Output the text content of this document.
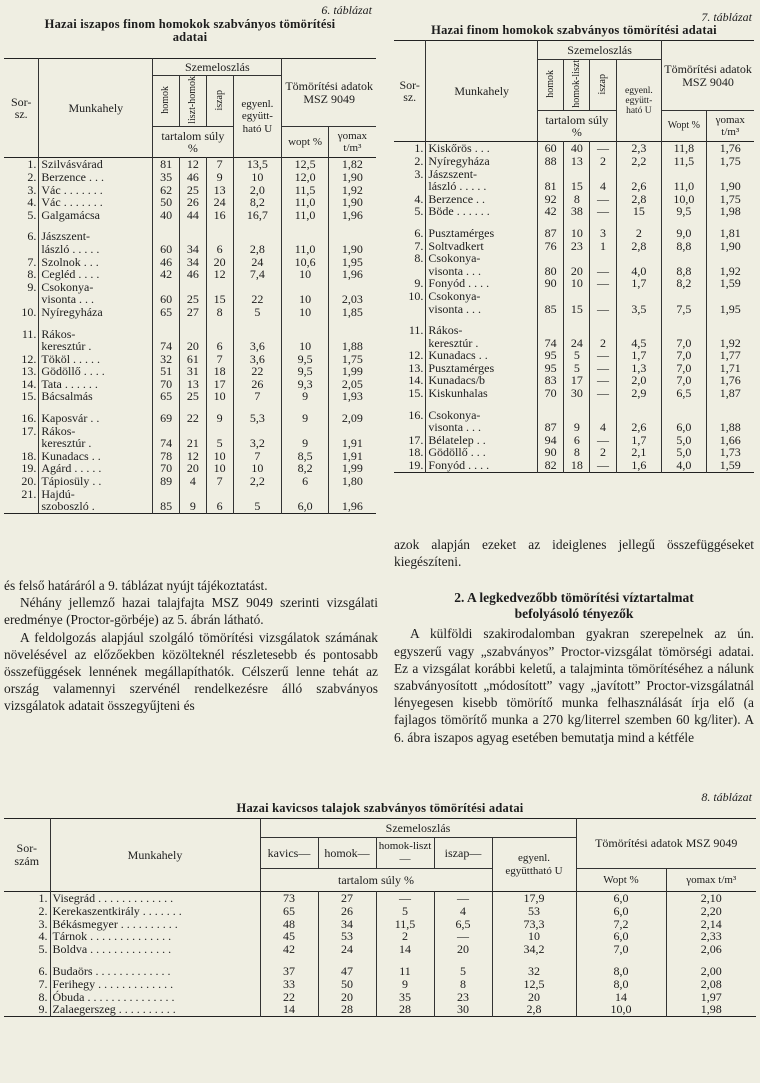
6. táblázat
Hazai iszapos finom homokok szabványos tömörítési
adatai
Sor-sz.	Munkahely	Szemeloszlás				Tömörítési adatok MSZ 9049	
		homok	liszt-homok	iszap	egyenl. együtt-ható U		
		tartalom súly %				wopt %	γomax t/m³
1.	Szilvásvárad	81	12	7	13,5	12,5	1,82
2.	Berzence . . .	35	46	9	10	12,0	1,90
3.	Vác . . . . . . .	62	25	13	2,0	11,5	1,92
4.	Vác . . . . . . .	50	26	24	8,2	11,0	1,90
5.	Galgamácsa	40	44	16	16,7	11,0	1,96

6.	Jászszent-						
	lászló . . . . .	60	34	6	2,8	11,0	1,90
7.	Szolnok . . .	46	34	20	24	10,6	1,95
8.	Cegléd . . . .	42	46	12	7,4	10	1,96
9.	Csokonya-						
	visonta . . .	60	25	15	22	10	2,03
10.	Nyíregyháza	65	27	8	5	10	1,85

11.	Rákos-						
	keresztúr .	74	20	6	3,6	10	1,88
12.	Tököl . . . . .	32	61	7	3,6	9,5	1,75
13.	Gödöllő . . . .	51	31	18	22	9,5	1,99
14.	Tata . . . . . .	70	13	17	26	9,3	2,05
15.	Bácsalmás	65	25	10	7	9	1,93

16.	Kaposvár . .	69	22	9	5,3	9	2,09
17.	Rákos-						
	keresztúr .	74	21	5	3,2	9	1,91
18.	Kunadacs . .	78	12	10	7	8,5	1,91
19.	Agárd . . . . .	70	20	10	10	8,2	1,99
20.	Tápiosüly . .	89	4	7	2,2	6	1,80
21.	Hajdú-						
	szoboszló .	85	9	6	5	6,0	1,96
7. táblázat
Hazai finom homokok szabványos tömörítési adatai
Sor-sz.	Munkahely	Szemeloszlás				Tömörítési adatok MSZ 9040	
		homok	homok-liszt	iszap	egyenl. együtt-ható U		
		tartalom súly %				Wopt %	γomax t/m³
1.	Kiskőrös . . .	60	40	—	2,3	11,8	1,76
2.	Nyíregyháza	88	13	2	2,2	11,5	1,75
3.	Jászszent-						
	lászló . . . . .	81	15	4	2,6	11,0	1,90
4.	Berzence . .	92	8	—	2,8	10,0	1,75
5.	Böde . . . . . .	42	38	—	15	9,5	1,98

6.	Pusztamérges	87	10	3	2	9,0	1,81
7.	Soltvadkert	76	23	1	2,8	8,8	1,90
8.	Csokonya-						
	visonta . . .	80	20	—	4,0	8,8	1,92
9.	Fonyód . . . .	90	10	—	1,7	8,2	1,59
10.	Csokonya-						
	visonta . . .	85	15	—	3,5	7,5	1,95

11.	Rákos-						
	keresztúr .	74	24	2	4,5	7,0	1,92
12.	Kunadacs . .	95	5	—	1,7	7,0	1,77
13.	Pusztamérges	95	5	—	1,3	7,0	1,71
14.	Kunadacs/b	83	17	—	2,0	7,0	1,76
15.	Kiskunhalas	70	30	—	2,9	6,5	1,87

16.	Csokonya-						
	visonta . . .	87	9	4	2,6	6,0	1,88
17.	Bélatelep . .	94	6	—	1,7	5,0	1,66
18.	Gödöllő . . .	90	8	2	2,1	5,0	1,73
19.	Fonyód . . . .	82	18	—	1,6	4,0	1,59

és felső határáról a 9. táblázat nyújt tájékoztatást.

Néhány jellemző hazai talajfajta MSZ 9049 szerinti vizsgálati eredménye (Proctor-görbéje) az 5. ábrán látható.

A feldolgozás alapjául szolgáló tömörítési vizsgálatok számának növelésével az előzőekben közölteknél részletesebb és pontosabb összefüggések lennének megállapíthatók. Célszerű lenne tehát az ország valamennyi szervénél rendelkezésre álló szabványos vizsgálatok adatait összegyűjteni és

azok alapján ezeket az ideiglenes jellegű összefüggéseket kiegészíteni.

2. A legkedvezőbb tömörítési víztartalmat
befolyásoló tényezők

A külföldi szakirodalomban gyakran szerepelnek az ún. egyszerű vagy „szabványos” Proctor-vizsgálat tömörségi adatai. Ez a vizsgálat korábbi keletű, a talajminta tömörítéséhez a nálunk szabványosított „módosított” vagy „javított” Proctor-vizsgálatnál lényegesen kisebb tömörítő munka felhasználását írja elő (a fajlagos tömörítő munka a 270 kg/literrel szemben 60 kg/liter). A 6. ábra iszapos agyag esetében bemutatja mind a kétféle

8. táblázat
Hazai kavicsos talajok szabványos tömörítési adatai
Sor-szám	Munkahely	Szemeloszlás					Tömörítési adatok MSZ 9049	
		kavics—	homok—	homok-liszt—	iszap—	egyenl. együttható U		
		tartalom súly %					Wopt %	γomax t/m³
1.	Visegrád . . . . . . . . . . . . .	73	27	—	—	17,9	6,0	2,10
2.	Kerekaszentkirály . . . . . . .	65	26	5	4	53	6,0	2,20
3.	Békásmegyer . . . . . . . . . .	48	34	11,5	6,5	73,3	7,2	2,14
4.	Tárnok . . . . . . . . . . . . . .	45	53	2	—	10	6,0	2,33
5.	Boldva . . . . . . . . . . . . . .	42	24	14	20	34,2	7,0	2,06

6.	Budaörs . . . . . . . . . . . . .	37	47	11	5	32	8,0	2,00
7.	Ferihegy . . . . . . . . . . . . .	33	50	9	8	12,5	8,0	2,08
8.	Óbuda . . . . . . . . . . . . . . .	22	20	35	23	20	14	1,97
9.	Zalaegerszeg . . . . . . . . . .	14	28	28	30	2,8	10,0	1,98
